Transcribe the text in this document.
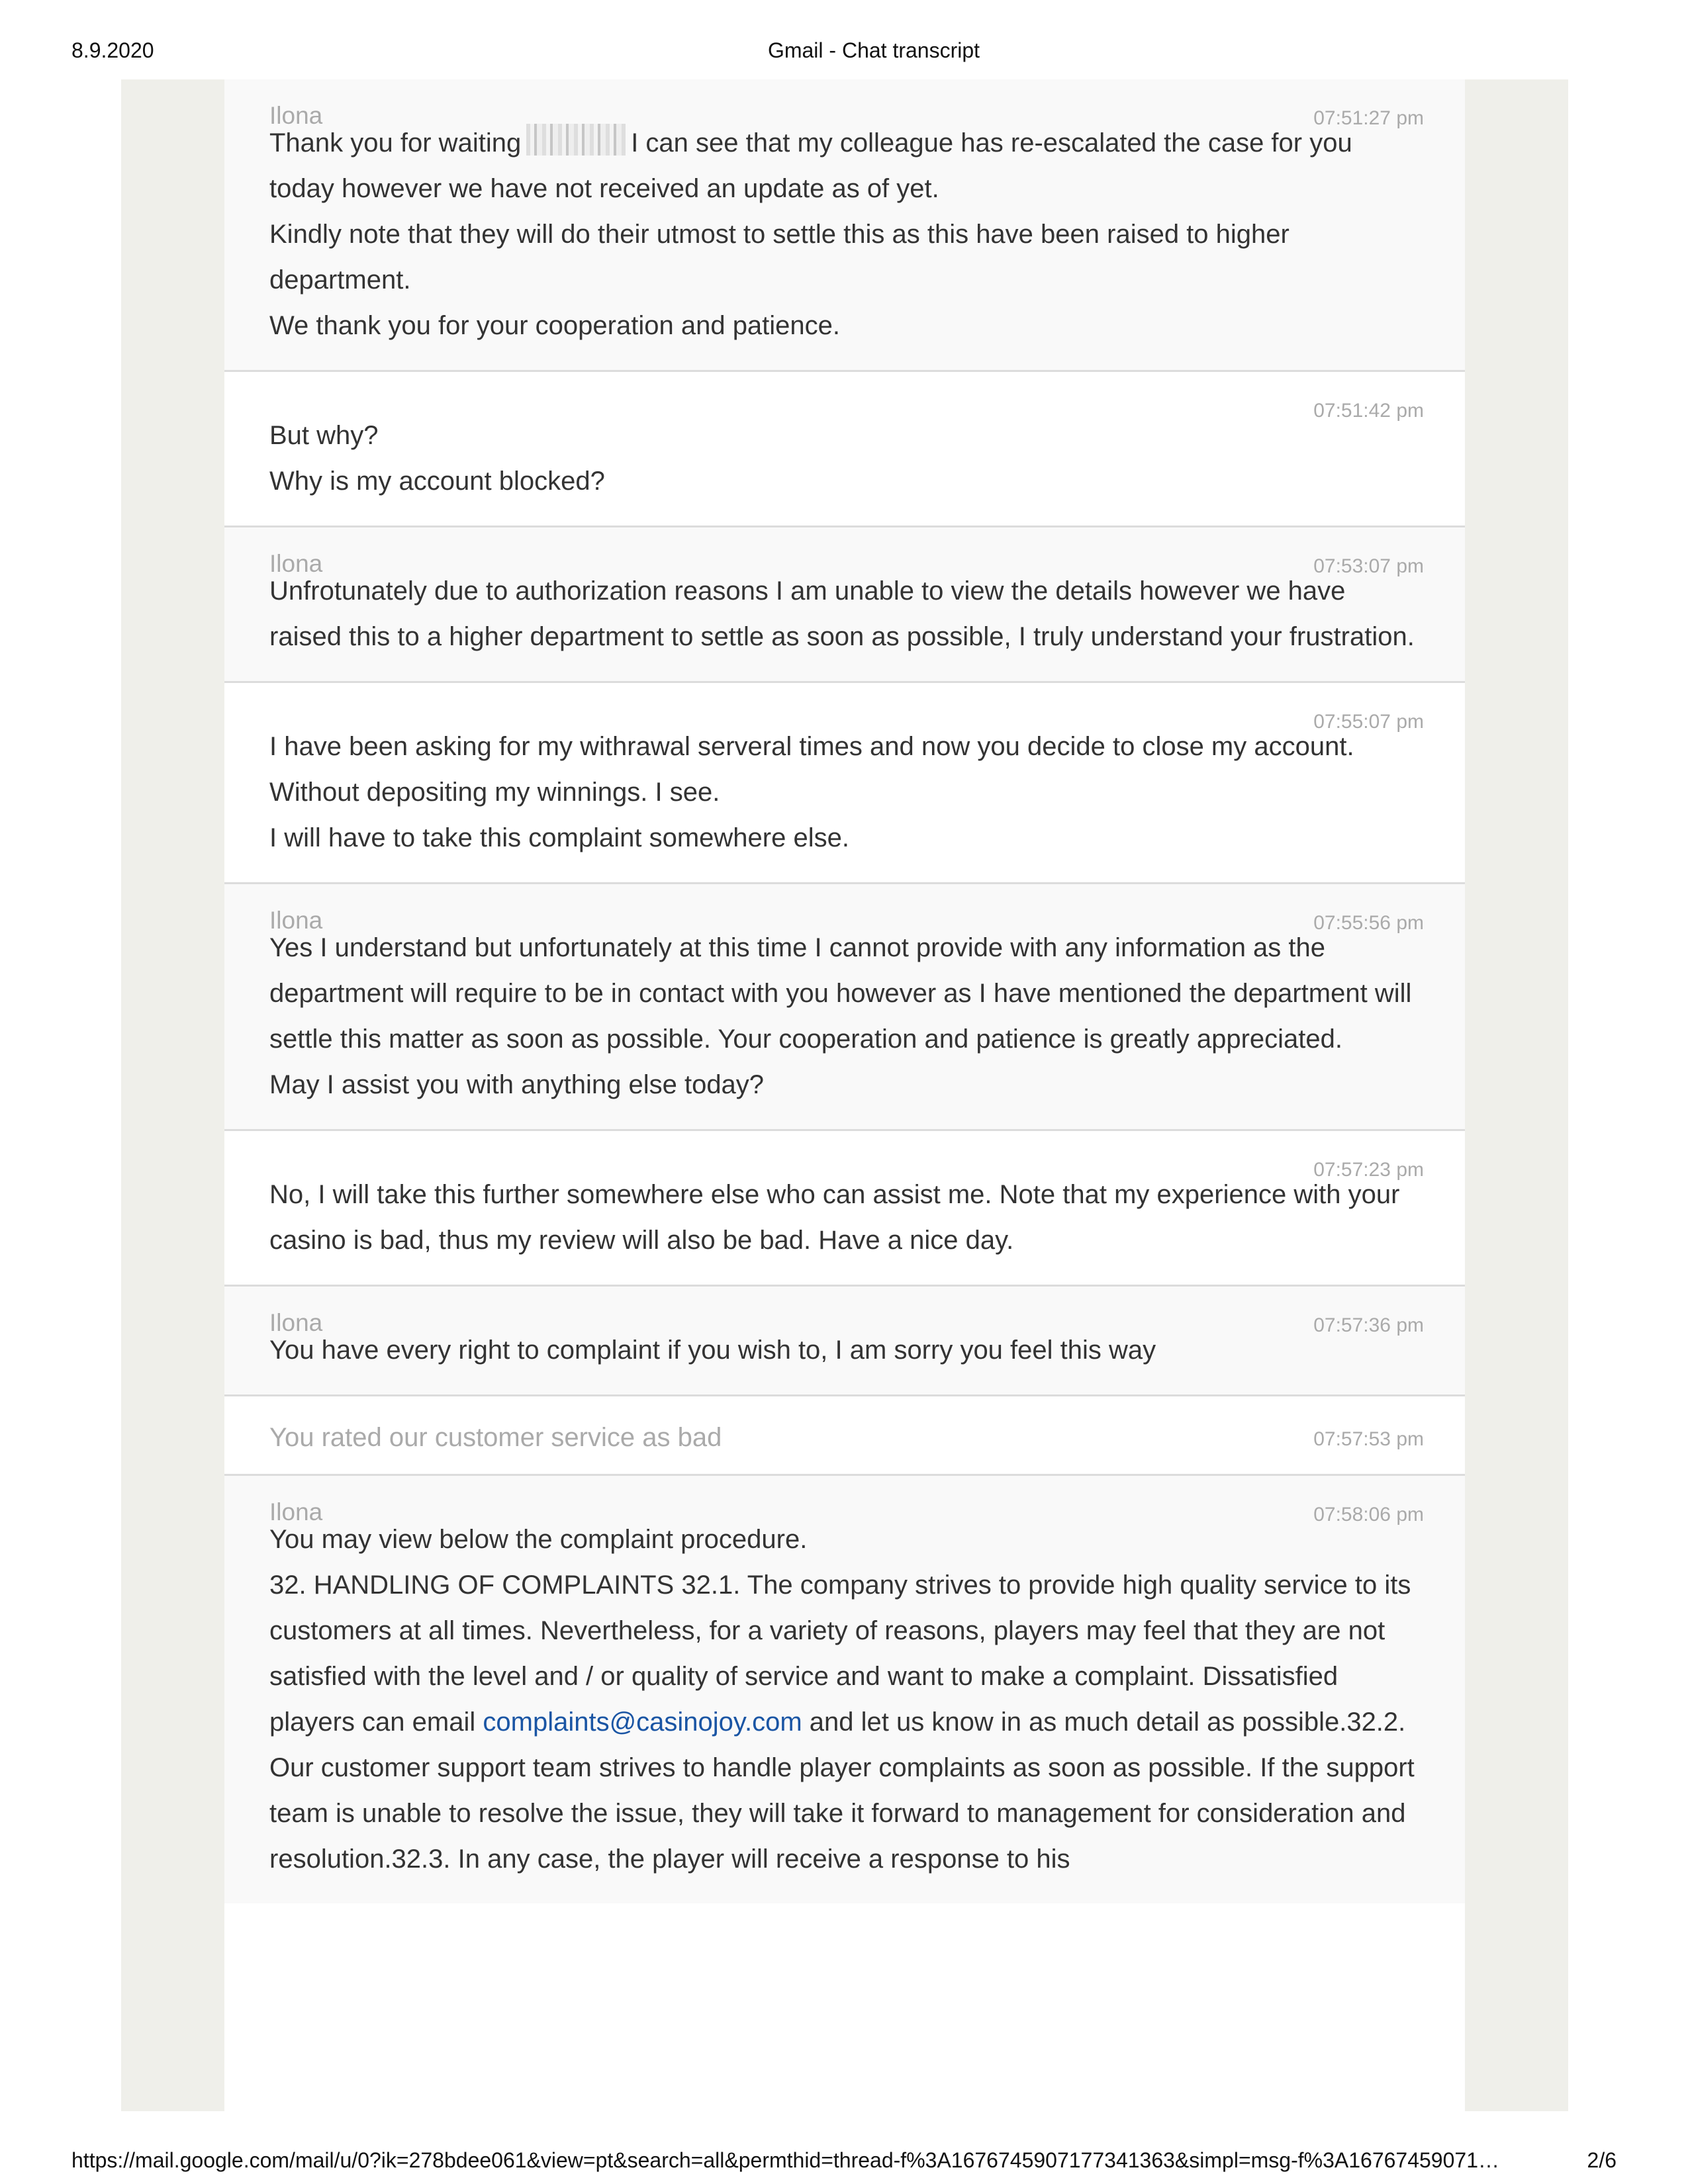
8.9.2020	Gmail - Chat transcript
Ilona	07:51:27 pm

Thank you for waiting	I can see that my colleague has re-escalated the case for you today however we have not received an update as of yet.

Kindly note that they will do their utmost to settle this as this have been raised to higher department.

We thank you for your cooperation and patience.

07:51:42 pm

But why?

Why is my account blocked?

Ilona	07:53:07 pm

Unfrotunately due to authorization reasons I am unable to view the details however we have raised this to a higher department to settle as soon as possible, I truly understand your frustration.

07:55:07 pm

I have been asking for my withrawal serveral times and now you decide to close my account.

Without depositing my winnings. I see.

I will have to take this complaint somewhere else.

Ilona	07:55:56 pm

Yes I understand but unfortunately at this time I cannot provide with any information as the department will require to be in contact with you however as I have mentioned the department will settle this matter as soon as possible. Your cooperation and patience is greatly appreciated.

May I assist you with anything else today?

07:57:23 pm

No, I will take this further somewhere else who can assist me. Note that my experience with your casino is bad, thus my review will also be bad. Have a nice day.

Ilona	07:57:36 pm

You have every right to complaint if you wish to, I am sorry you feel this way

You rated our customer service as bad	07:57:53 pm
Ilona	07:58:06 pm

You may view below the complaint procedure.

32. HANDLING OF COMPLAINTS 32.1. The company strives to provide high quality service to its customers at all times. Nevertheless, for a variety of reasons, players may feel that they are not satisfied with the level and / or quality of service and want to make a complaint. Dissatisfied players can email complaints@casinojoy.com and let us know in as much detail as possible.32.2. Our customer support team strives to handle player complaints as soon as possible. If the support team is unable to resolve the issue, they will take it forward to management for consideration and resolution.32.3. In any case, the player will receive a response to his

https://mail.google.com/mail/u/0?ik=278bdee061&view=pt&search=all&permthid=thread-f%3A1676745907177341363&simpl=msg-f%3A16767459071…	2/6
